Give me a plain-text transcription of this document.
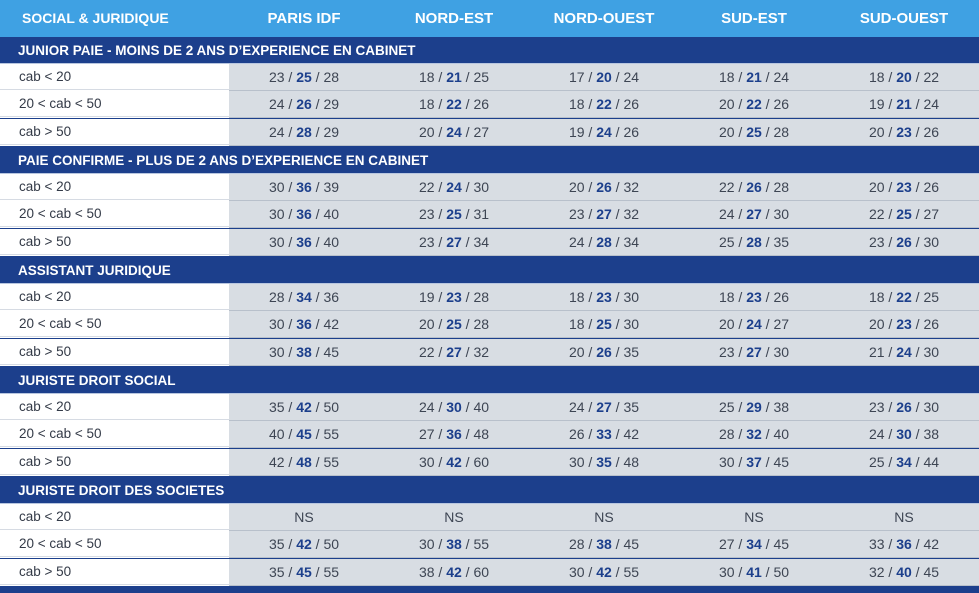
SOCIAL & JURIDIQUE	PARIS IDF	NORD-EST	NORD-OUEST	SUD-EST	SUD-OUEST
JUNIOR PAIE - MOINS DE 2 ANS D’EXPERIENCE EN CABINET
cab < 20	23 / 25 / 28	18 / 21 / 25	17 / 20 / 24	18 / 21 / 24	18 / 20 / 22
20 < cab < 50	24 / 26 / 29	18 / 22 / 26	18 / 22 / 26	20 / 22 / 26	19 / 21 / 24
cab > 50	24 / 28 / 29	20 / 24 / 27	19 / 24 / 26	20 / 25 / 28	20 / 23 / 26
PAIE CONFIRME - PLUS DE 2 ANS D’EXPERIENCE EN CABINET
cab < 20	30 / 36 / 39	22 / 24 / 30	20 / 26 / 32	22 / 26 / 28	20 / 23 / 26
20 < cab < 50	30 / 36 / 40	23 / 25 / 31	23 / 27 / 32	24 / 27 / 30	22 / 25 / 27
cab > 50	30 / 36 / 40	23 / 27 / 34	24 / 28 / 34	25 / 28 / 35	23 / 26 / 30
ASSISTANT JURIDIQUE
cab < 20	28 / 34 / 36	19 / 23 / 28	18 / 23 / 30	18 / 23 / 26	18 / 22 / 25
20 < cab < 50	30 / 36 / 42	20 / 25 / 28	18 / 25 / 30	20 / 24 / 27	20 / 23 / 26
cab > 50	30 / 38 / 45	22 / 27 / 32	20 / 26 / 35	23 / 27 / 30	21 / 24 / 30
JURISTE DROIT SOCIAL
cab < 20	35 / 42 / 50	24 / 30 / 40	24 / 27 / 35	25 / 29 / 38	23 / 26 / 30
20 < cab < 50	40 / 45 / 55	27 / 36 / 48	26 / 33 / 42	28 / 32 / 40	24 / 30 / 38
cab > 50	42 / 48 / 55	30 / 42 / 60	30 / 35 / 48	30 / 37 / 45	25 / 34 / 44
JURISTE DROIT DES SOCIETES
cab < 20	NS	NS	NS	NS	NS
20 < cab < 50	35 / 42 / 50	30 / 38 / 55	28 / 38 / 45	27 / 34 / 45	33 / 36 / 42
cab > 50	35 / 45 / 55	38 / 42 / 60	30 / 42 / 55	30 / 41 / 50	32 / 40 / 45
